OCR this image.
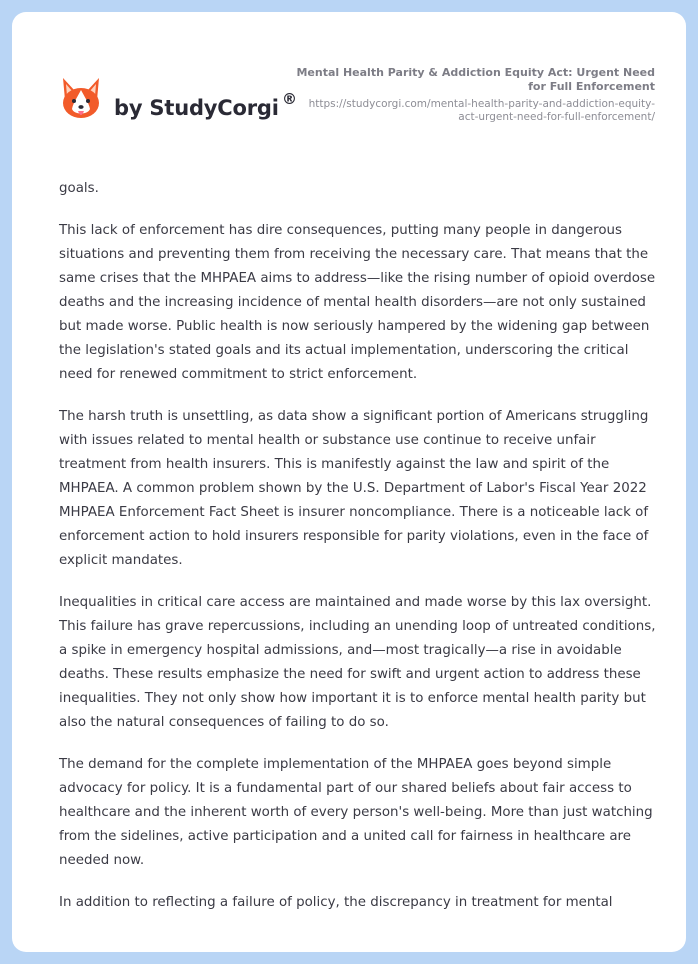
by StudyCorgi ®
Mental Health Parity & Addiction Equity Act: Urgent Need for Full Enforcement
https://studycorgi.com/mental-health-parity-and-addiction-equity-act-urgent-need-for-full-enforcement/

goals.

This lack of enforcement has dire consequences, putting many people in dangerous situations and preventing them from receiving the necessary care. That means that the same crises that the MHPAEA aims to address—like the rising number of opioid overdose deaths and the increasing incidence of mental health disorders—are not only sustained but made worse. Public health is now seriously hampered by the widening gap between the legislation's stated goals and its actual implementation, underscoring the critical need for renewed commitment to strict enforcement.

The harsh truth is unsettling, as data show a significant portion of Americans struggling with issues related to mental health or substance use continue to receive unfair treatment from health insurers. This is manifestly against the law and spirit of the MHPAEA. A common problem shown by the U.S. Department of Labor's Fiscal Year 2022 MHPAEA Enforcement Fact Sheet is insurer noncompliance. There is a noticeable lack of enforcement action to hold insurers responsible for parity violations, even in the face of explicit mandates.

Inequalities in critical care access are maintained and made worse by this lax oversight. This failure has grave repercussions, including an unending loop of untreated conditions, a spike in emergency hospital admissions, and—most tragically—a rise in avoidable deaths. These results emphasize the need for swift and urgent action to address these inequalities. They not only show how important it is to enforce mental health parity but also the natural consequences of failing to do so.

The demand for the complete implementation of the MHPAEA goes beyond simple advocacy for policy. It is a fundamental part of our shared beliefs about fair access to healthcare and the inherent worth of every person's well-being. More than just watching from the sidelines, active participation and a united call for fairness in healthcare are needed now.

In addition to reflecting a failure of policy, the discrepancy in treatment for mental
